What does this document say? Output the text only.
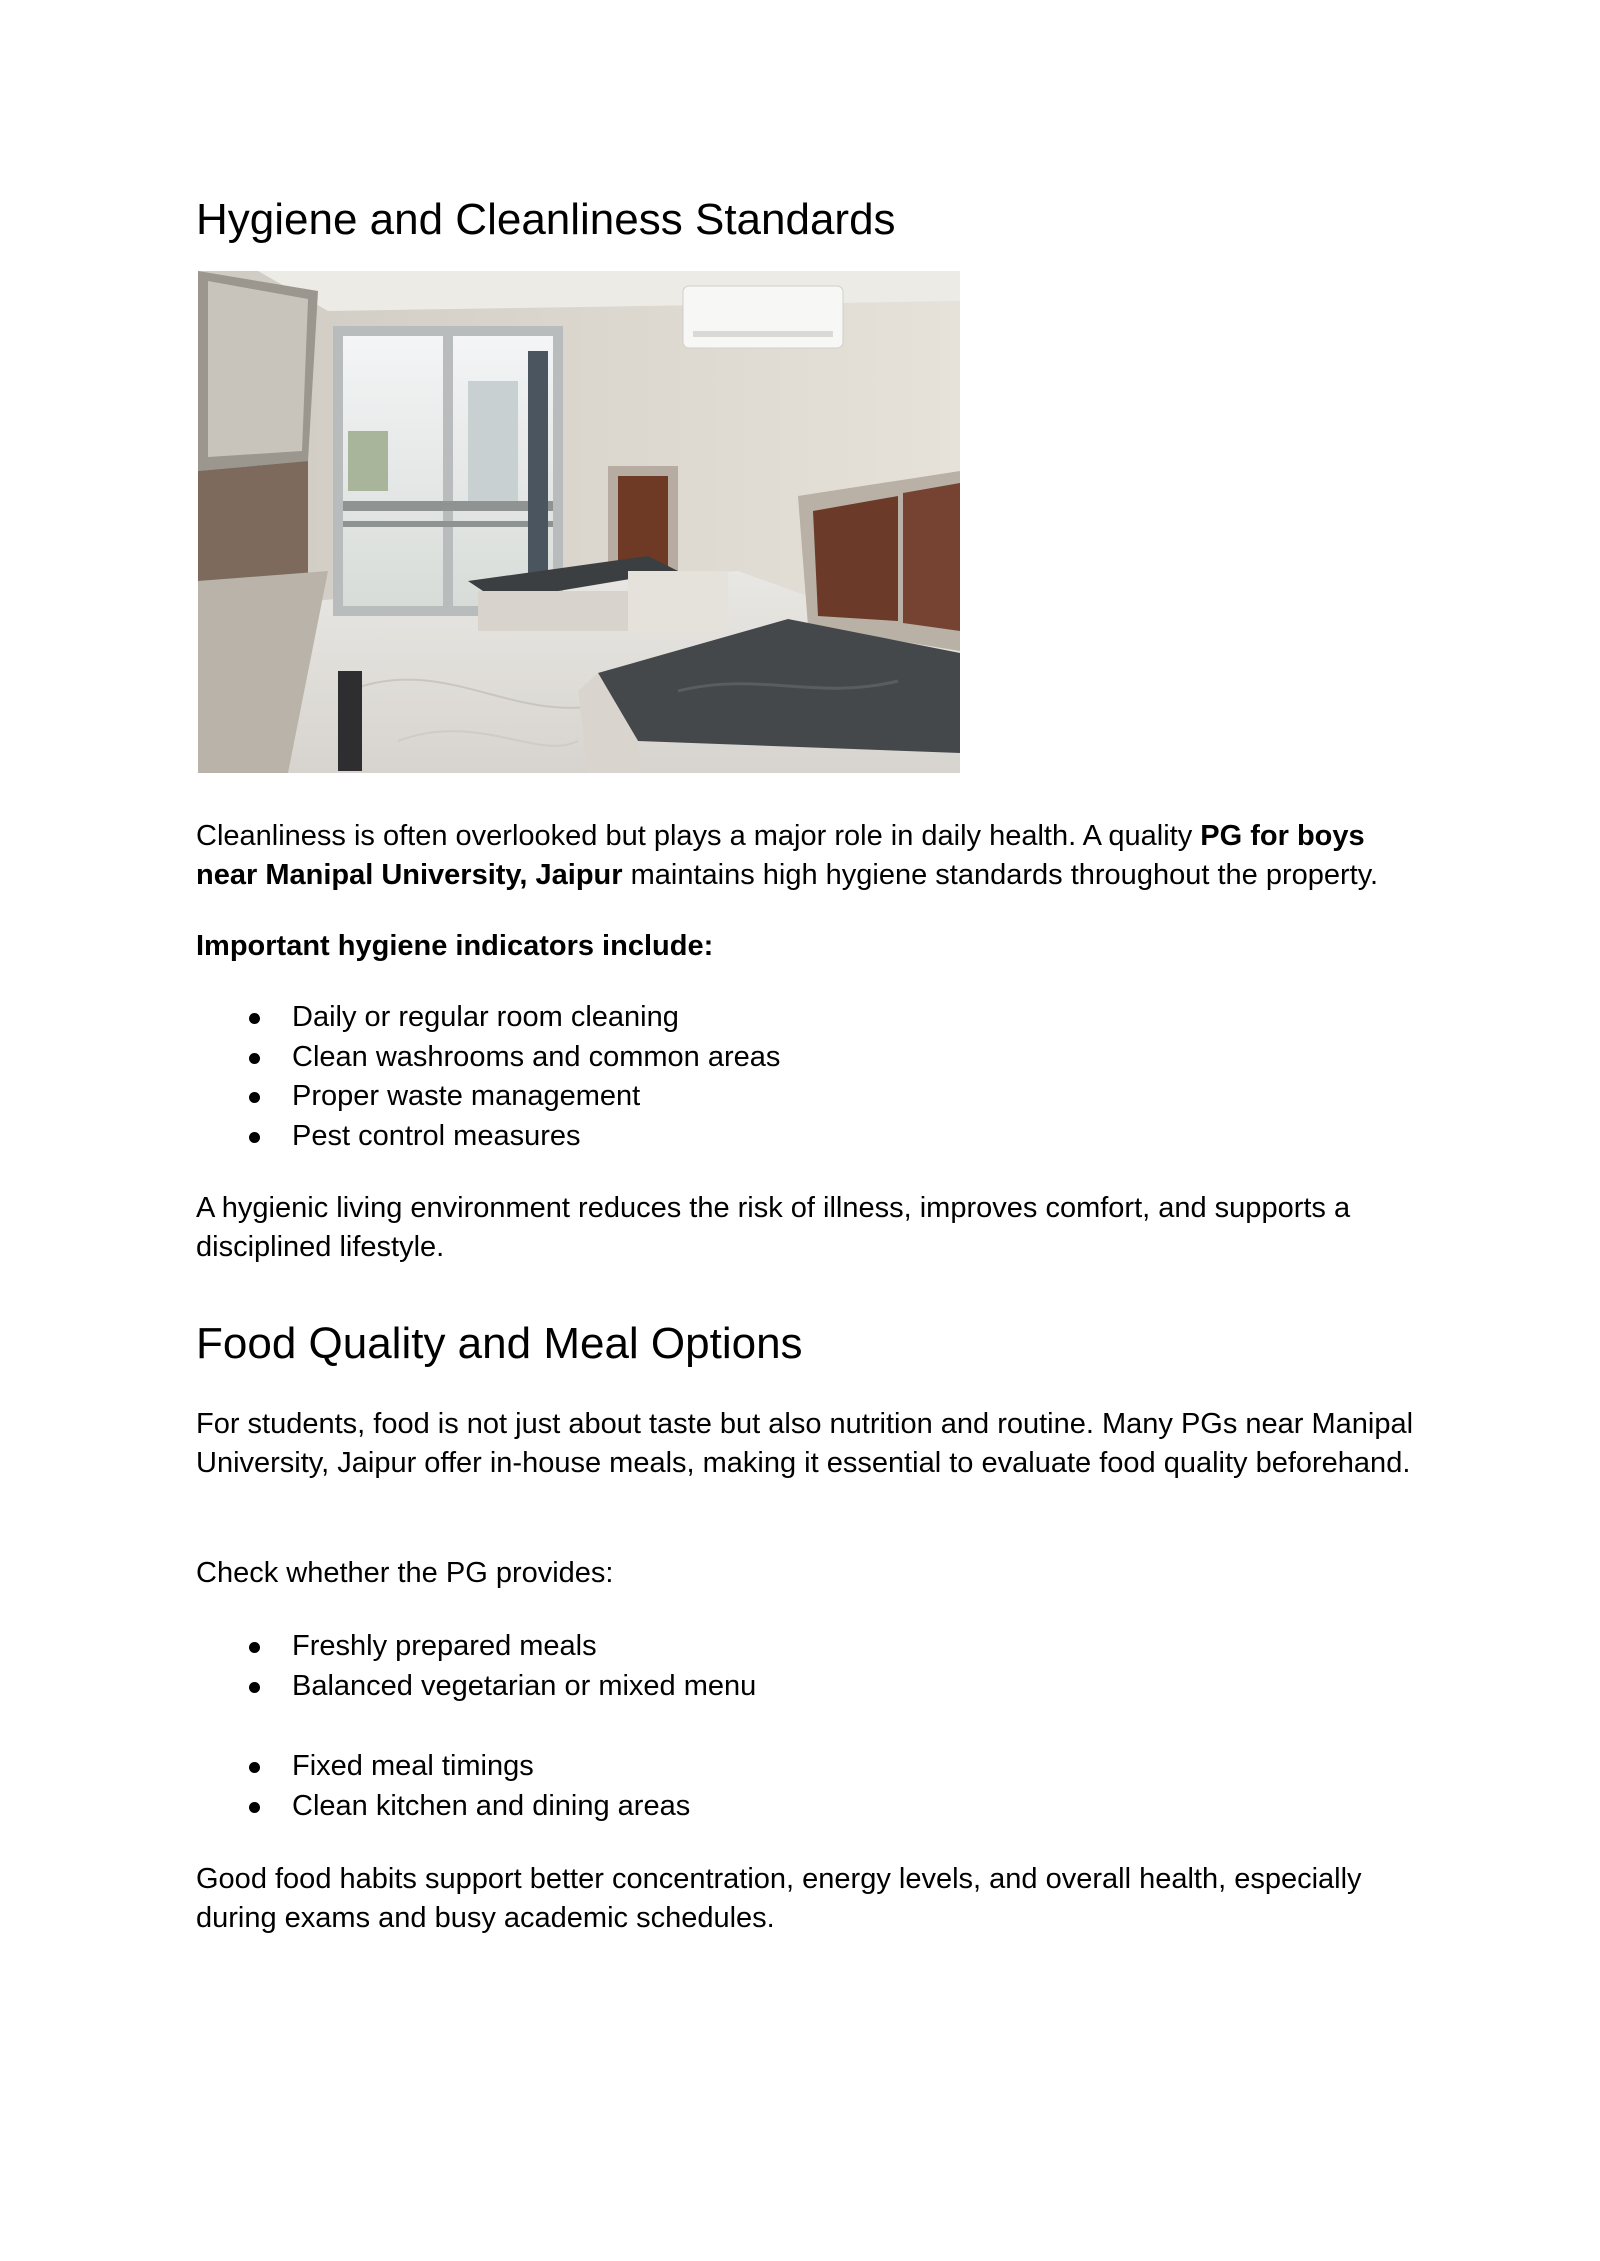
Hygiene and Cleanliness Standards

Cleanliness is often overlooked but plays a major role in daily health. A quality PG for boys near Manipal University, Jaipur maintains high hygiene standards throughout the property.

Important hygiene indicators include:

Daily or regular room cleaning
Clean washrooms and common areas
Proper waste management
Pest control measures

A hygienic living environment reduces the risk of illness, improves comfort, and supports a disciplined lifestyle.

Food Quality and Meal Options

For students, food is not just about taste but also nutrition and routine. Many PGs near Manipal University, Jaipur offer in-house meals, making it essential to evaluate food quality beforehand.

Check whether the PG provides:

Freshly prepared meals
Balanced vegetarian or mixed menu
Fixed meal timings
Clean kitchen and dining areas

Good food habits support better concentration, energy levels, and overall health, especially during exams and busy academic schedules.
